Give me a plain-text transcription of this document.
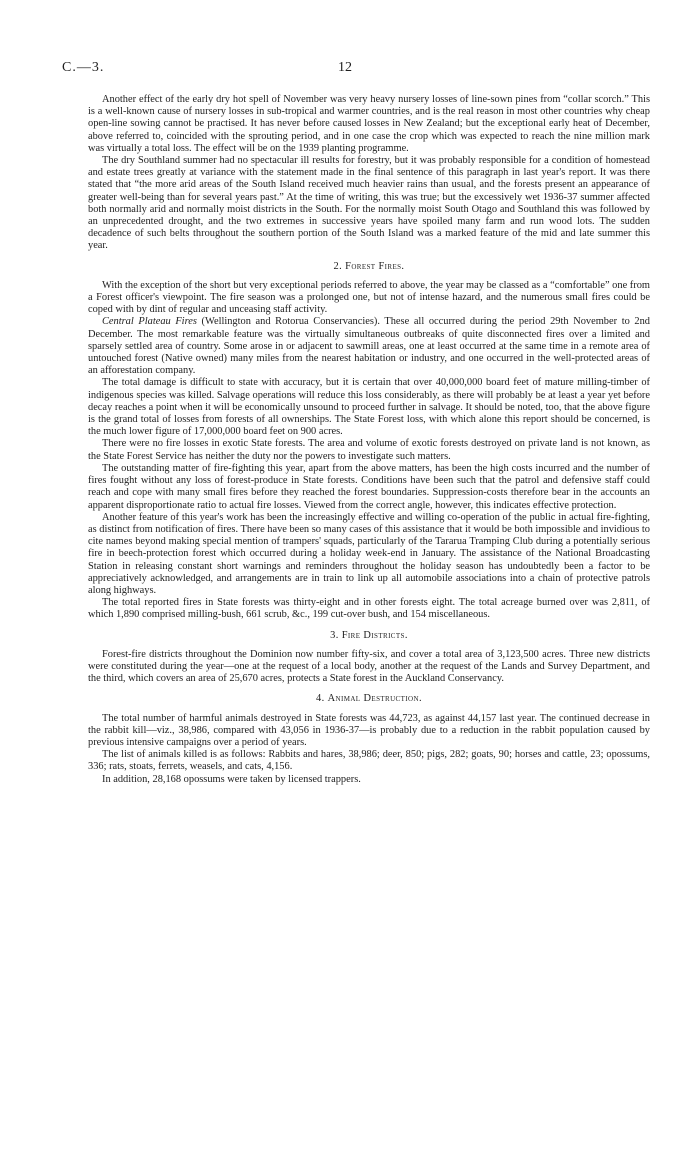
C.—3.	12

Another effect of the early dry hot spell of November was very heavy nursery losses of line-sown pines from “collar scorch.” This is a well-known cause of nursery losses in sub-tropical and warmer countries, and is the real reason in most other countries why cheap open-line sowing cannot be practised. It has never before caused losses in New Zealand; but the exceptional early heat of December, above referred to, coincided with the sprouting period, and in one case the crop which was expected to reach the nine million mark was virtually a total loss. The effect will be on the 1939 planting programme.

The dry Southland summer had no spectacular ill results for forestry, but it was probably responsible for a condition of homestead and estate trees greatly at variance with the statement made in the final sentence of this paragraph in last year's report. It was there stated that “the more arid areas of the South Island received much heavier rains than usual, and the forests present an appearance of greater well-being than for several years past.” At the time of writing, this was true; but the excessively wet 1936-37 summer affected both normally arid and normally moist districts in the South. For the normally moist South Otago and Southland this was followed by an unprecedented drought, and the two extremes in successive years have spoiled many farm and run wood lots. The sudden decadence of such belts throughout the southern portion of the South Island was a marked feature of the mid and late summer this year.

2. Forest Fires.

With the exception of the short but very exceptional periods referred to above, the year may be classed as a “comfortable” one from a Forest officer's viewpoint. The fire season was a prolonged one, but not of intense hazard, and the numerous small fires could be coped with by dint of regular and unceasing staff activity.

Central Plateau Fires (Wellington and Rotorua Conservancies). These all occurred during the period 29th November to 2nd December. The most remarkable feature was the virtually simultaneous outbreaks of quite disconnected fires over a limited and sparsely settled area of country. Some arose in or adjacent to sawmill areas, one at least occurred at the same time in a remote area of untouched forest (Native owned) many miles from the nearest habitation or industry, and one occurred in the well-protected areas of an afforestation company.

The total damage is difficult to state with accuracy, but it is certain that over 40,000,000 board feet of mature milling-timber of indigenous species was killed. Salvage operations will reduce this loss considerably, as there will probably be at least a year yet before decay reaches a point when it will be economically unsound to proceed further in salvage. It should be noted, too, that the above figure is the grand total of losses from forests of all ownerships. The State Forest loss, with which alone this report should be concerned, is the much lower figure of 17,000,000 board feet on 900 acres.

There were no fire losses in exotic State forests. The area and volume of exotic forests destroyed on private land is not known, as the State Forest Service has neither the duty nor the powers to investigate such matters.

The outstanding matter of fire-fighting this year, apart from the above matters, has been the high costs incurred and the number of fires fought without any loss of forest-produce in State forests. Conditions have been such that the patrol and defensive staff could reach and cope with many small fires before they reached the forest boundaries. Suppression-costs therefore bear in the accounts an apparent disproportionate ratio to actual fire losses. Viewed from the correct angle, however, this indicates effective protection.

Another feature of this year's work has been the increasingly effective and willing co-operation of the public in actual fire-fighting, as distinct from notification of fires. There have been so many cases of this assistance that it would be both impossible and invidious to cite names beyond making special mention of trampers' squads, particularly of the Tararua Tramping Club during a potentially serious fire in beech-protection forest which occurred during a holiday week-end in January. The assistance of the National Broadcasting Station in releasing constant short warnings and reminders throughout the holiday season has undoubtedly been a factor to be appreciatively acknowledged, and arrangements are in train to link up all automobile associations into a chain of protective patrols along highways.

The total reported fires in State forests was thirty-eight and in other forests eight. The total acreage burned over was 2,811, of which 1,890 comprised milling-bush, 661 scrub, &c., 199 cut-over bush, and 154 miscellaneous.

3. Fire Districts.

Forest-fire districts throughout the Dominion now number fifty-six, and cover a total area of 3,123,500 acres. Three new districts were constituted during the year—one at the request of a local body, another at the request of the Lands and Survey Department, and the third, which covers an area of 25,670 acres, protects a State forest in the Auckland Conservancy.

4. Animal Destruction.

The total number of harmful animals destroyed in State forests was 44,723, as against 44,157 last year. The continued decrease in the rabbit kill—viz., 38,986, compared with 43,056 in 1936-37—is probably due to a reduction in the rabbit population caused by previous intensive campaigns over a period of years.

The list of animals killed is as follows: Rabbits and hares, 38,986; deer, 850; pigs, 282; goats, 90; horses and cattle, 23; opossums, 336; rats, stoats, ferrets, weasels, and cats, 4,156.

In addition, 28,168 opossums were taken by licensed trappers.
